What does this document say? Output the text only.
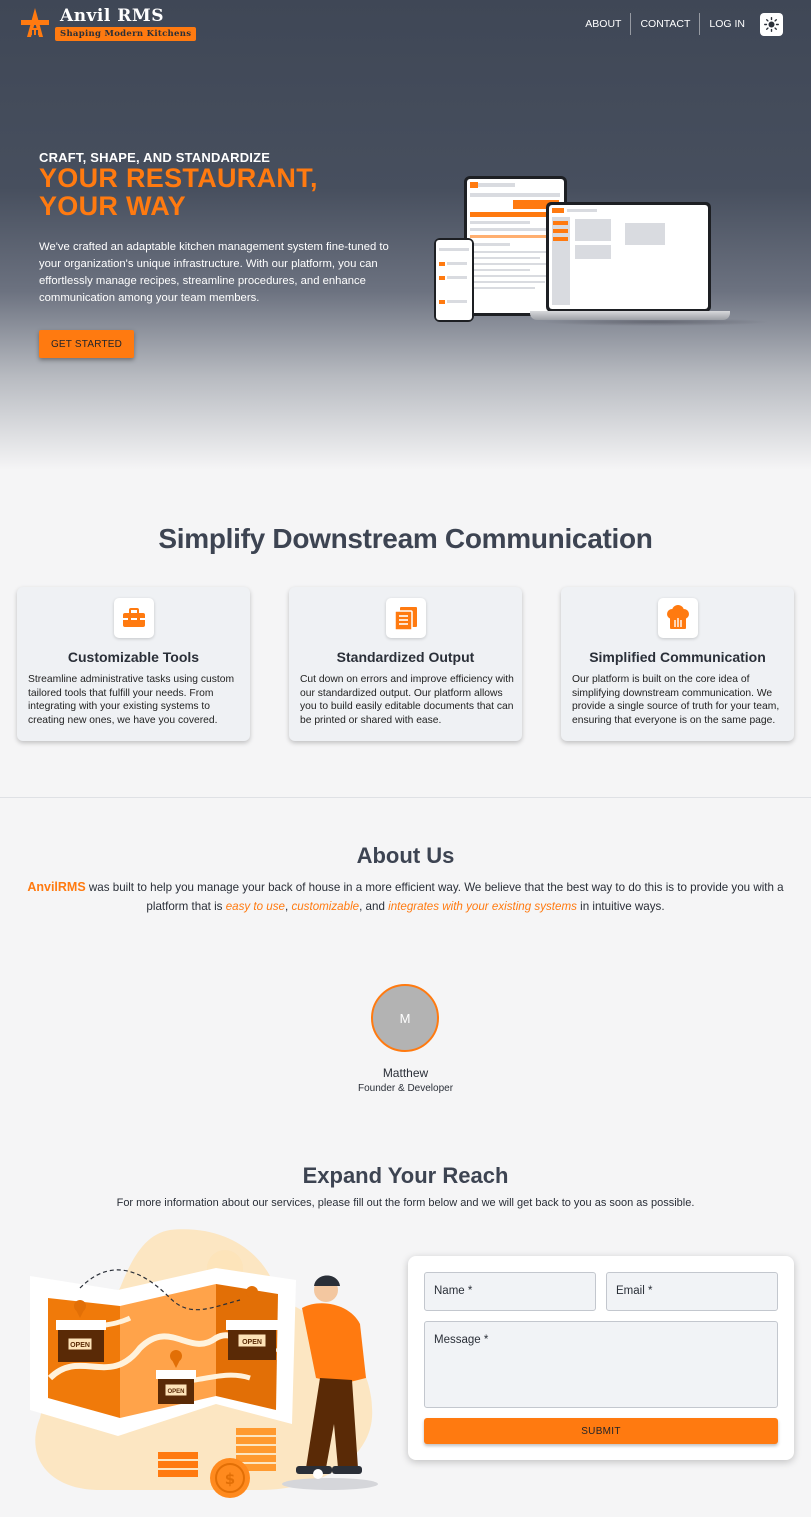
Anvil RMS
Shaping Modern Kitchens
ABOUT	CONTACT	LOG IN
CRAFT, SHAPE, AND STANDARDIZE
YOUR RESTAURANT,
YOUR WAY

We've crafted an adaptable kitchen management system fine-tuned to your organization's unique infrastructure. With our platform, you can effortlessly manage recipes, streamline procedures, and enhance communication among your team members.

GET STARTED
Simplify Downstream Communication
Customizable Tools

Streamline administrative tasks using custom tailored tools that fulfill your needs. From integrating with your existing systems to creating new ones, we have you covered.

Standardized Output

Cut down on errors and improve efficiency with our standardized output. Our platform allows you to build easily editable documents that can be printed or shared with ease.

Simplified Communication

Our platform is built on the core idea of simplifying downstream communication. We provide a single source of truth for your team, ensuring that everyone is on the same page.

About Us

AnvilRMS was built to help you manage your back of house in a more efficient way. We believe that the best way to do this is to provide you with a platform that is easy to use, customizable, and integrates with your existing systems in intuitive ways.

M
Matthew
Founder & Developer
Expand Your Reach

For more information about our services, please fill out the form below and we will get back to you as soon as possible.

OPEN
OPEN
OPEN
$
Name *	Email *
Message *
SUBMIT
